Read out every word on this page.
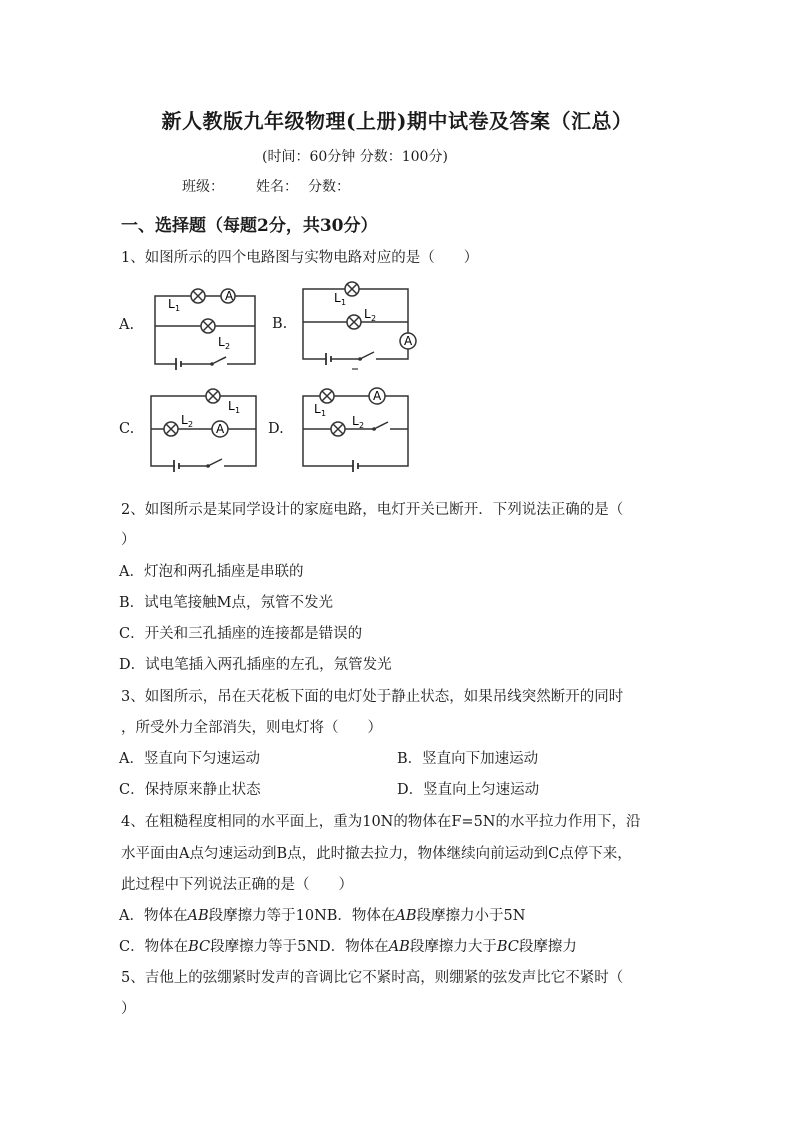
新人教版九年级物理(上册)期中试卷及答案（汇总）
(时间：60分钟 分数：100分)
班级： 姓名： 分数：
一、选择题（每题2分，共30分）
1、如图所示的四个电路图与实物电路对应的是（　　）
A.	B.
C.	D.
A
L 1
L 2	A
L 1
L 2
A
L 1
L 2
A
L 1
L 2
2、如图所示是某同学设计的家庭电路，电灯开关已断开．下列说法正确的是（
）
A．灯泡和两孔插座是串联的
B．试电笔接触M点，氖管不发光
C．开关和三孔插座的连接都是错误的
D．试电笔插入两孔插座的左孔，氖管发光
3、如图所示，吊在天花板下面的电灯处于静止状态，如果吊线突然断开的同时
，所受外力全部消失，则电灯将（　　）
A．竖直向下匀速运动	B．竖直向下加速运动
C．保持原来静止状态	D．竖直向上匀速运动
4、在粗糙程度相同的水平面上，重为10N的物体在F=5N的水平拉力作用下，沿
水平面由A点匀速运动到B点，此时撤去拉力，物体继续向前运动到C点停下来，
此过程中下列说法正确的是（　　）
A．物体在AB段摩擦力等于10NB．物体在AB段摩擦力小于5N
C．物体在BC段摩擦力等于5ND．物体在AB段摩擦力大于BC段摩擦力
5、吉他上的弦绷紧时发声的音调比它不紧时高，则绷紧的弦发声比它不紧时（
）
